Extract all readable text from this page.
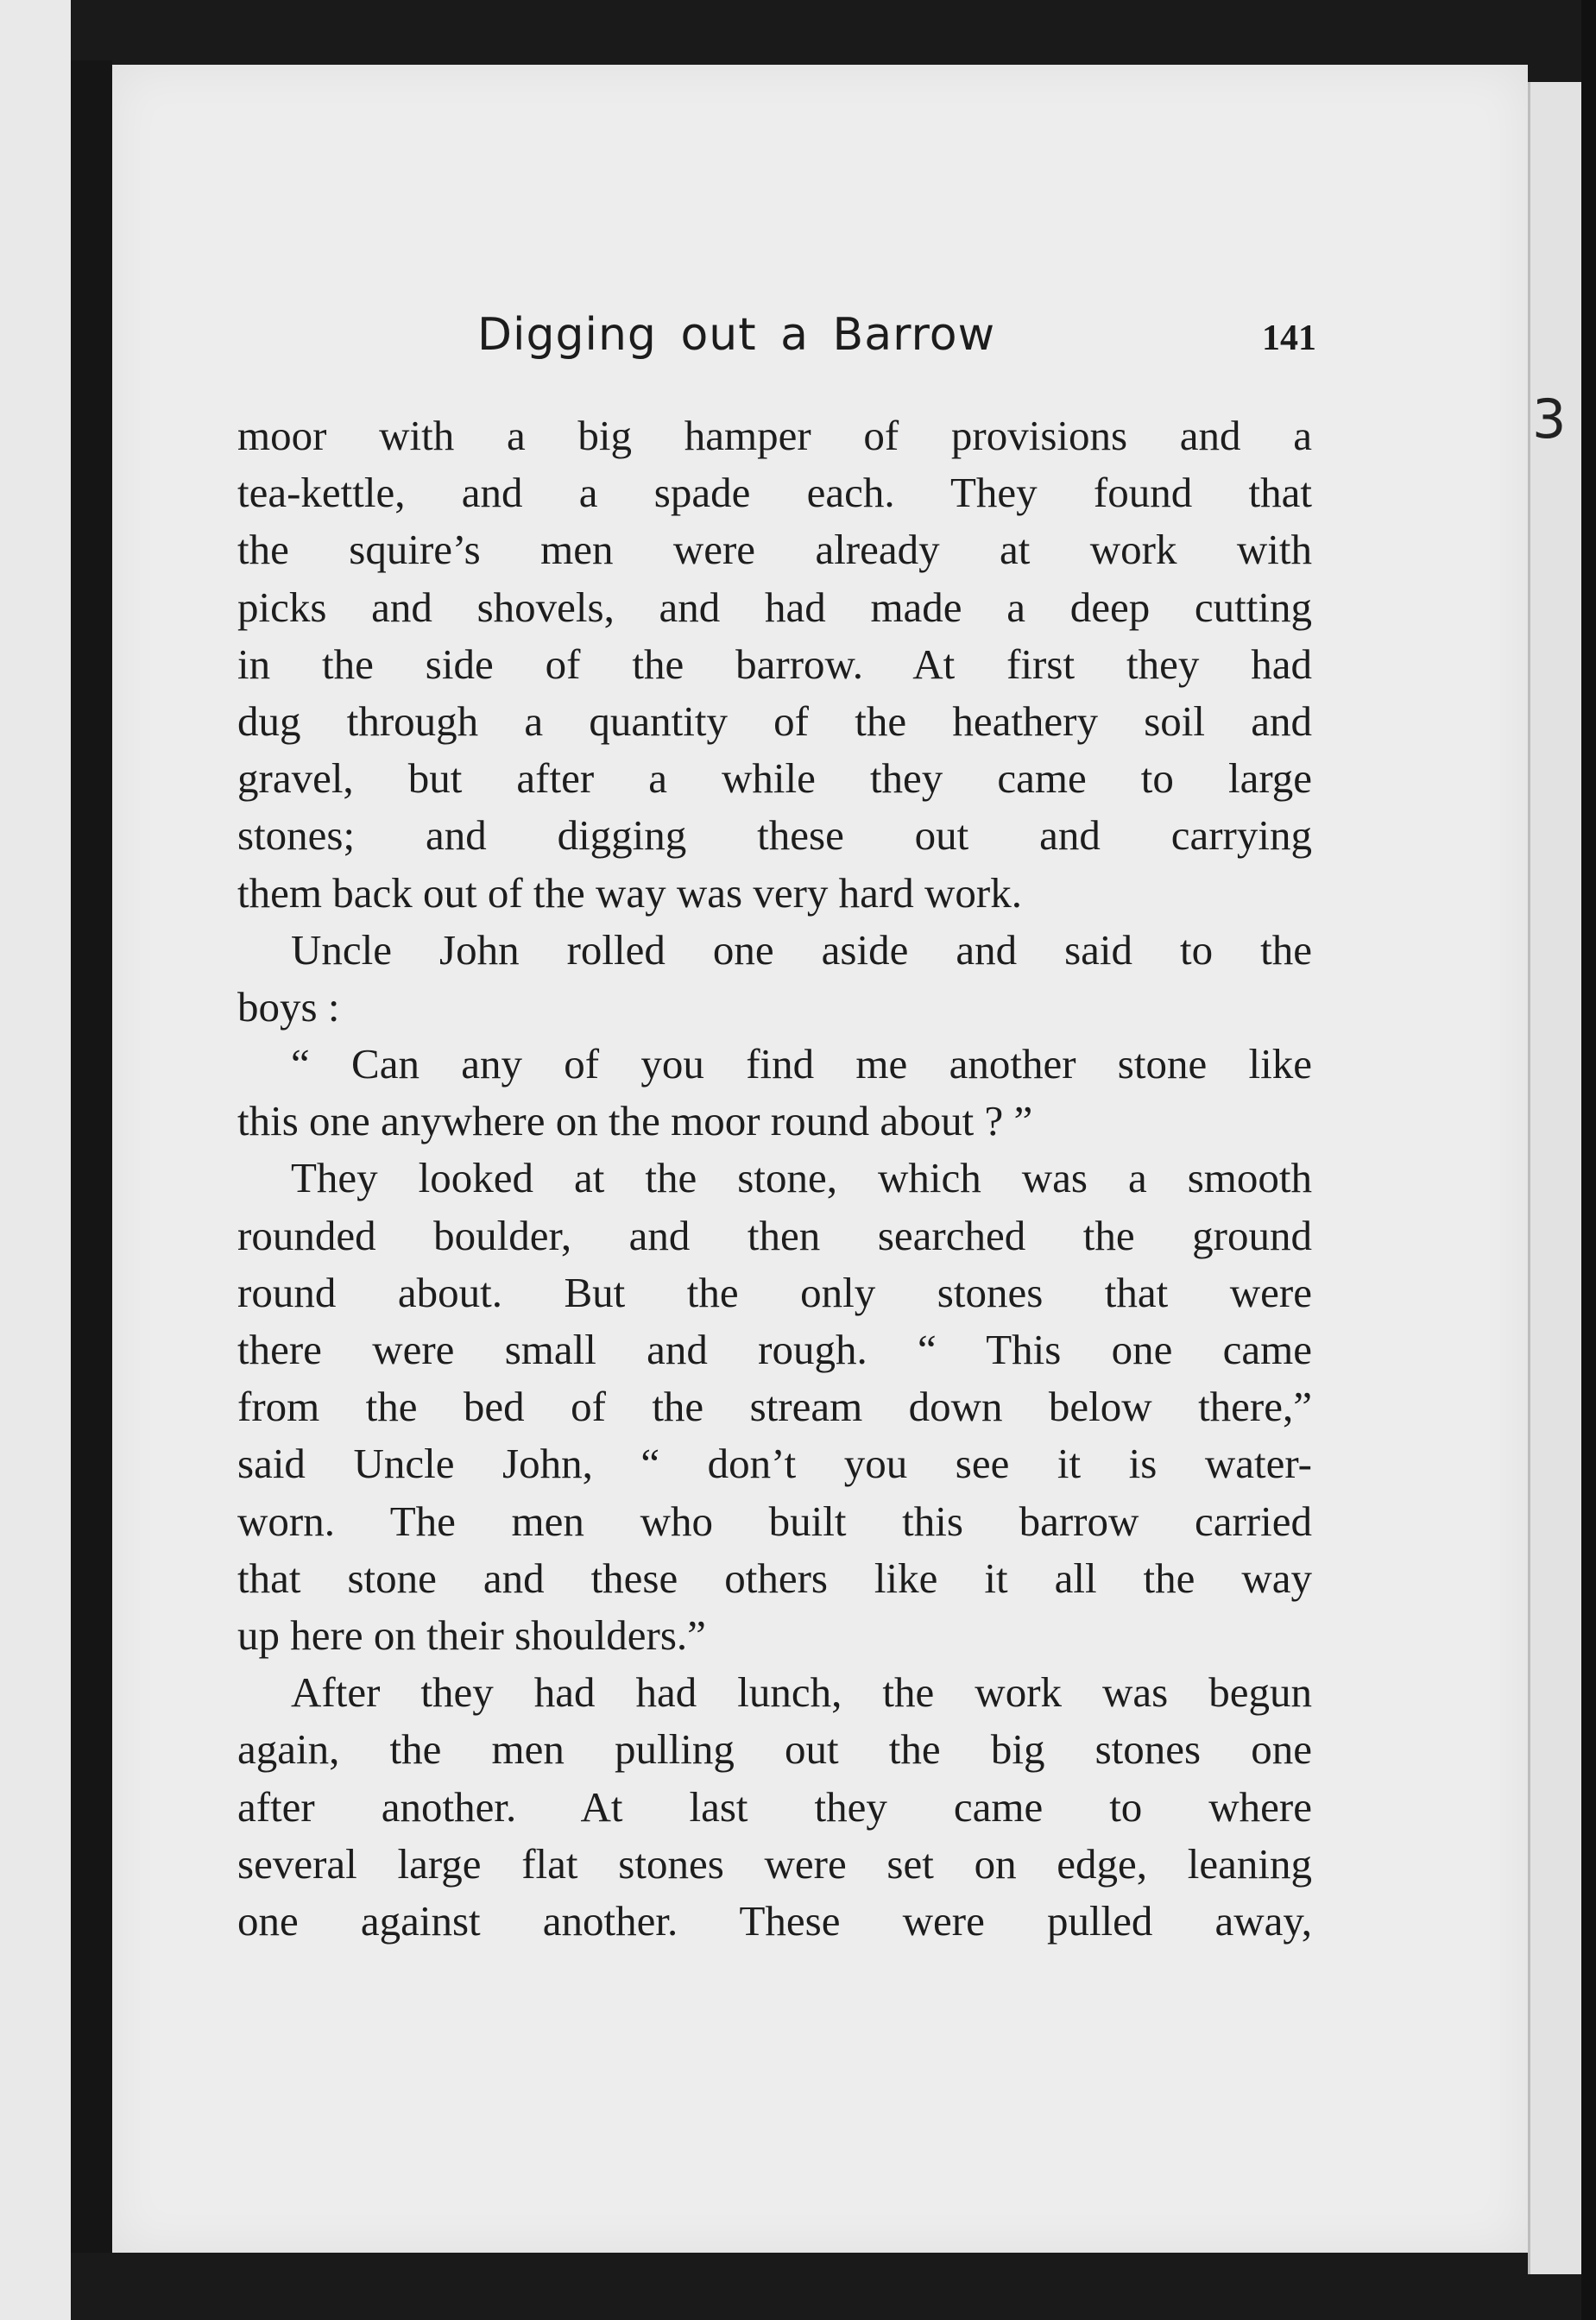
3
Digging out a Barrow	141
moor with a big hamper of provisions and a
tea-kettle, and a spade each. They found that
the squire’s men were already at work with
picks and shovels, and had made a deep cutting
in the side of the barrow. At first they had
dug through a quantity of the heathery soil and
gravel, but after a while they came to large
stones; and digging these out and carrying
them back out of the way was very hard work.
Uncle John rolled one aside and said to the
boys :
“ Can any of you find me another stone like
this one anywhere on the moor round about ? ”
They looked at the stone, which was a smooth
rounded boulder, and then searched the ground
round about. But the only stones that were
there were small and rough. “ This one came
from the bed of the stream down below there,”
said Uncle John, “ don’t you see it is water-
worn. The men who built this barrow carried
that stone and these others like it all the way
up here on their shoulders.”
After they had had lunch, the work was begun
again, the men pulling out the big stones one
after another. At last they came to where
several large flat stones were set on edge, leaning
one against another. These were pulled away,
